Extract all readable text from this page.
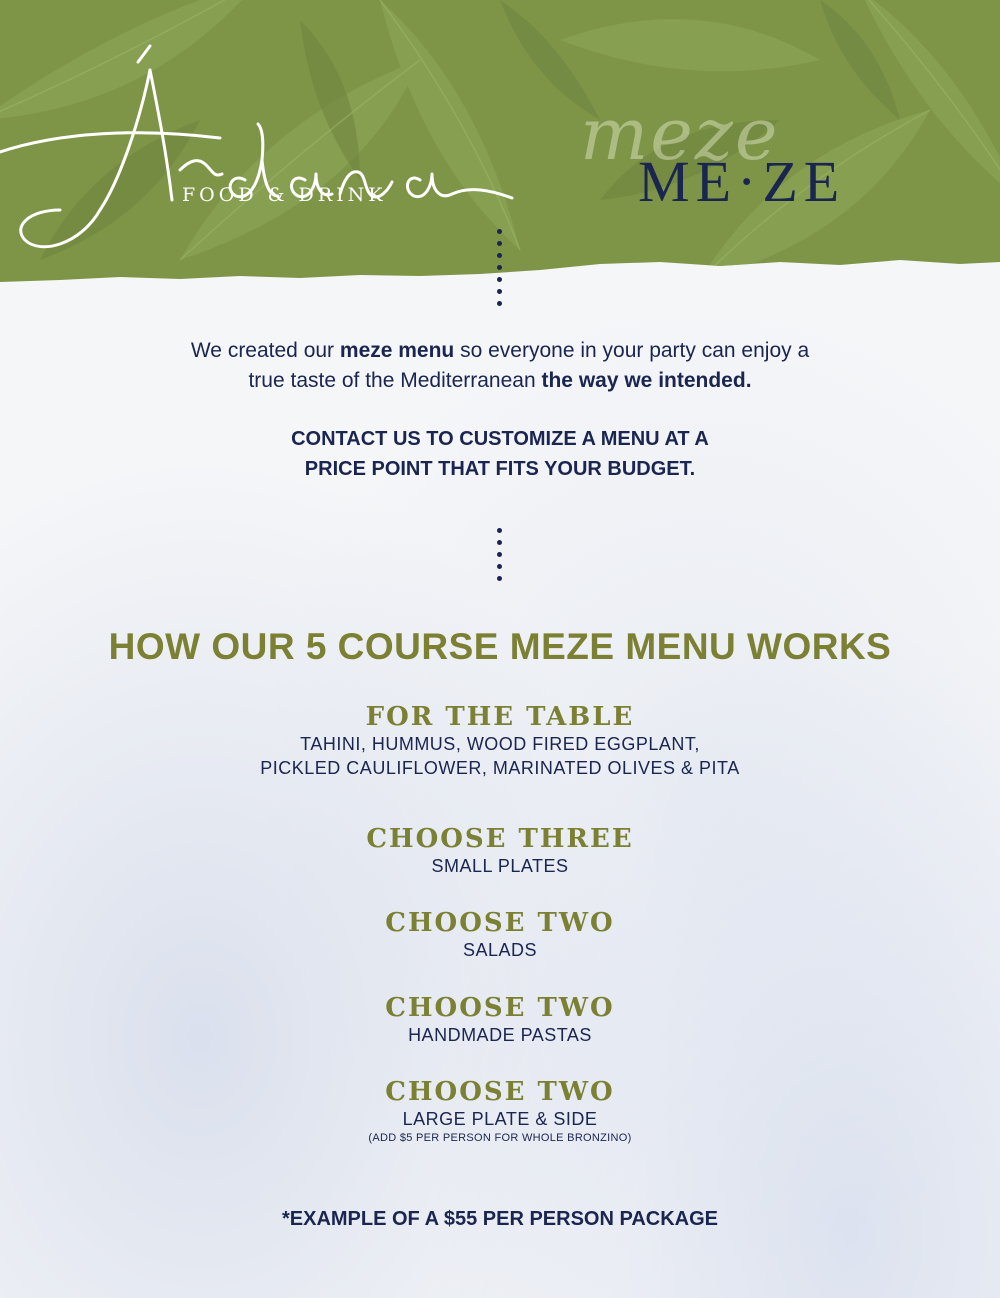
FOOD & DRINK
meze
ME·ZE
We created our meze menu so everyone in your party can enjoy a
true taste of the Mediterranean the way we intended.
CONTACT US TO CUSTOMIZE A MENU AT A
PRICE POINT THAT FITS YOUR BUDGET.
HOW OUR 5 COURSE MEZE MENU WORKS
FOR THE TABLE
TAHINI, HUMMUS, WOOD FIRED EGGPLANT,
PICKLED CAULIFLOWER, MARINATED OLIVES & PITA
CHOOSE THREE
SMALL PLATES
CHOOSE TWO
SALADS
CHOOSE TWO
HANDMADE PASTAS
CHOOSE TWO
LARGE PLATE & SIDE
(ADD $5 PER PERSON FOR WHOLE BRONZINO)
*EXAMPLE OF A $55 PER PERSON PACKAGE
